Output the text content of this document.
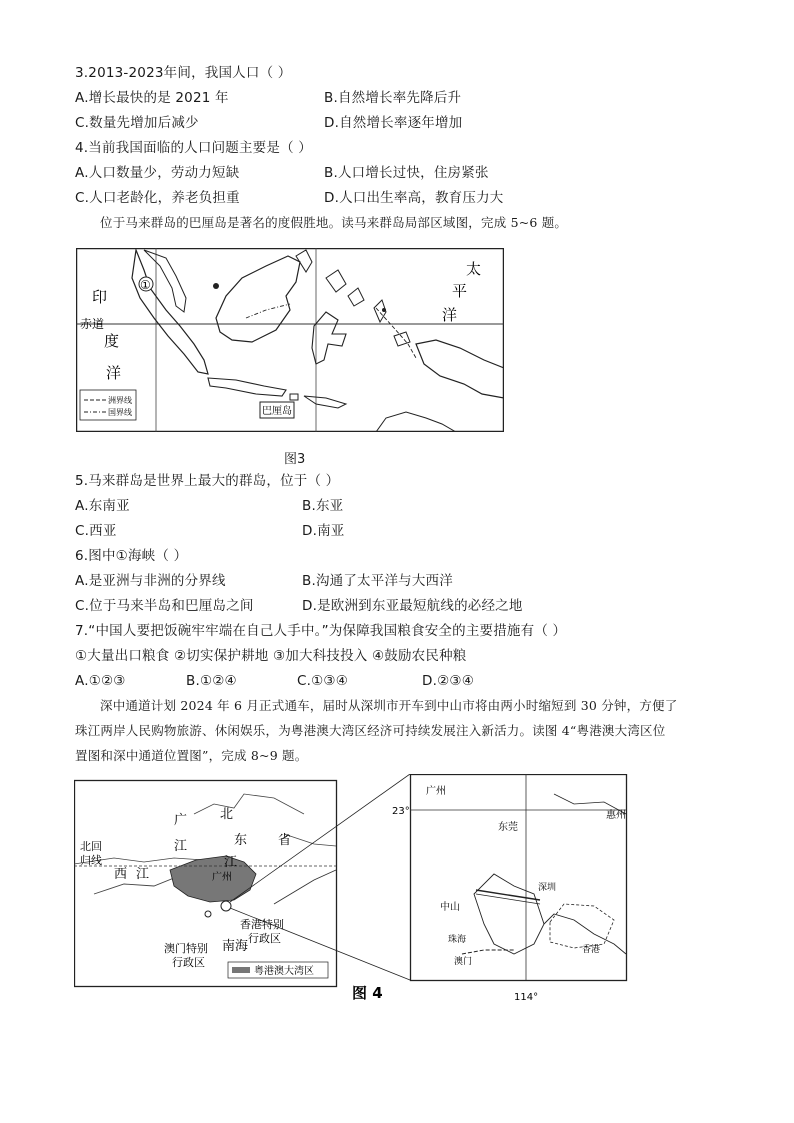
3.2013-2023年间，我国人口（ ）
A.增长最快的是 2021 年	B.自然增长率先降后升
C.数量先增加后减少	D.自然增长率逐年增加
4.当前我国面临的人口问题主要是（ ）
A.人口数量少，劳动力短缺	B.人口增长过快，住房紧张
C.人口老龄化，养老负担重	D.人口出生率高，教育压力大
位于马来群岛的巴厘岛是著名的度假胜地。读马来群岛局部区域图，完成 5~6 题。
印
赤道
度
洋
太
平
洋
①
巴厘岛
洲界线
国界线
图3
5.马来群岛是世界上最大的群岛，位于（ ）
A.东南亚	B.东亚
C.西亚	D.南亚
6.图中①海峡（ ）
A.是亚洲与非洲的分界线	B.沟通了太平洋与大西洋
C.位于马来半岛和巴厘岛之间	D.是欧洲到东亚最短航线的必经之地
7.“中国人要把饭碗牢牢端在自己人手中。”为保障我国粮食安全的主要措施有（ ）
①大量出口粮食 ②切实保护耕地 ③加大科技投入 ④鼓励农民种粮
A.①②③	B.①②④	C.①③④	D.②③④
深中通道计划 2024 年 6 月正式通车，届时从深圳市开车到中山市将由两小时缩短到 30 分钟，方便了
珠江两岸人民购物旅游、休闲娱乐，为粤港澳大湾区经济可持续发展注入新活力。读图 4“粤港澳大湾区位
置图和深中通道位置图”，完成 8~9 题。
北回
归线
广	北
东 省
江
江
西 江	广州
香港特别
行政区
南海
澳门特别
行政区
粤港澳大湾区
23°
广州
惠州
东莞
深圳
中山
珠海
澳门
香港
114°
图 4
